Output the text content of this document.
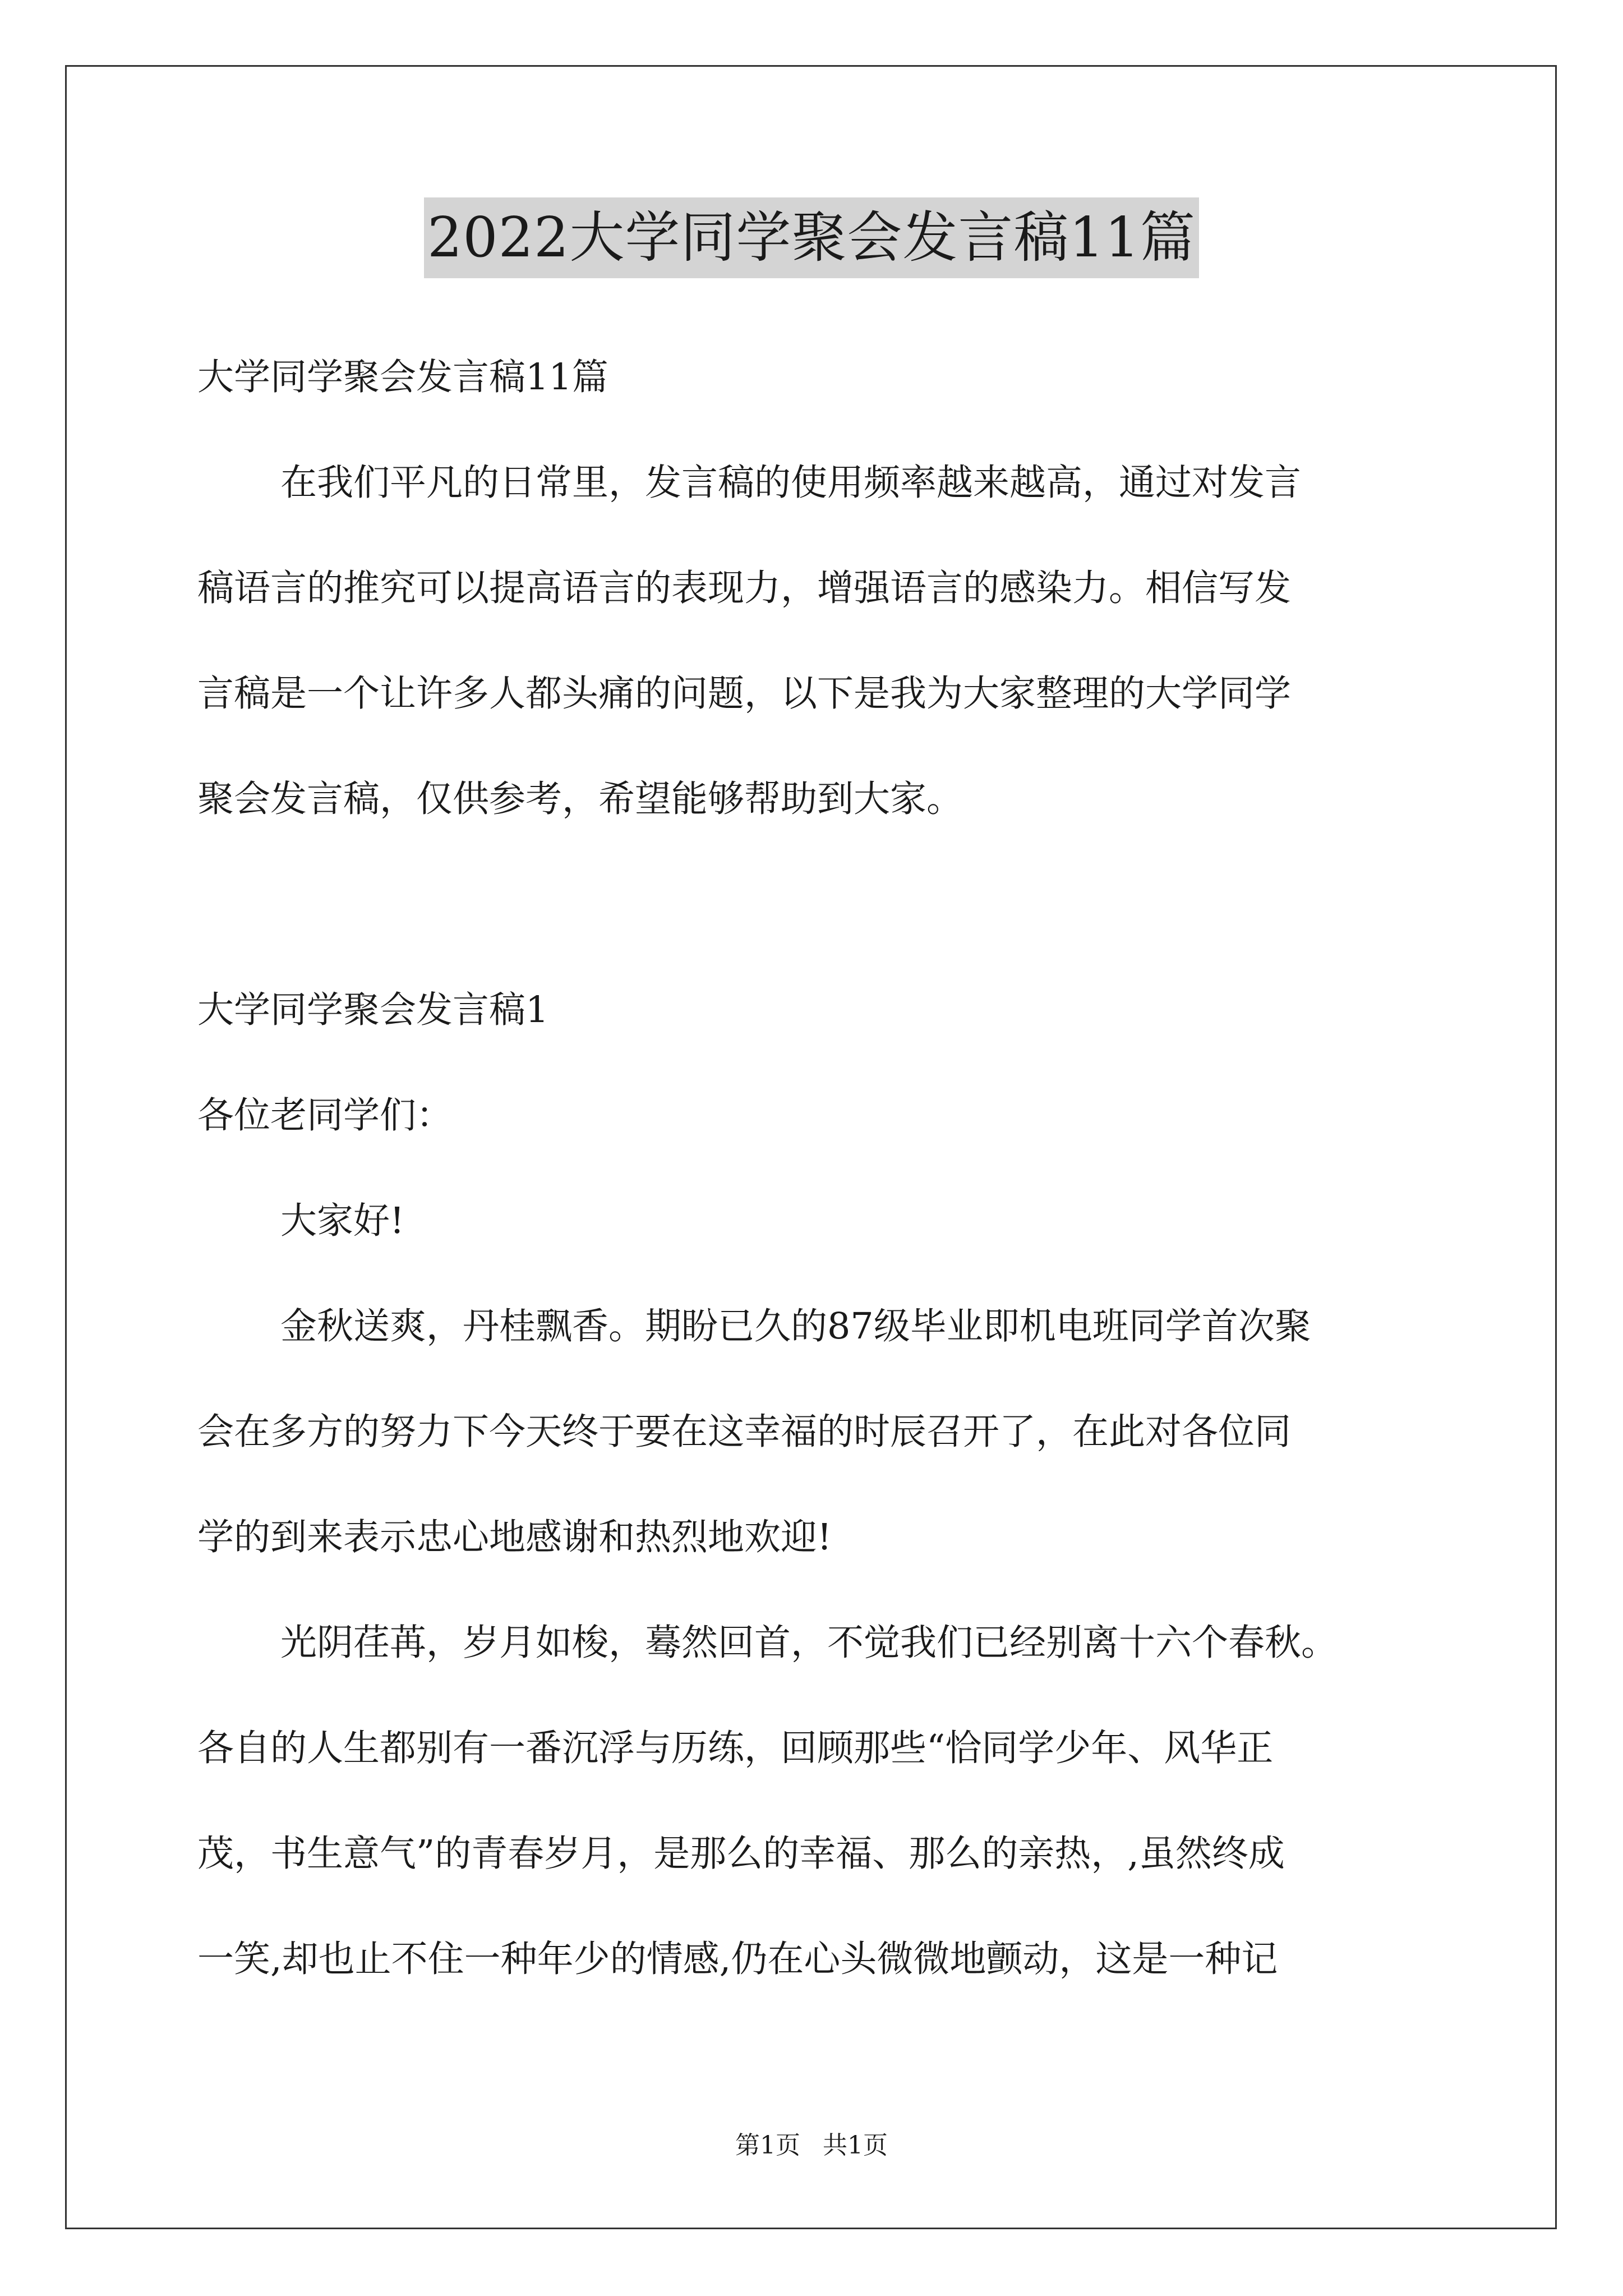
2022大学同学聚会发言稿11篇
大学同学聚会发言稿11篇
在我们平凡的日常里，发言稿的使用频率越来越高，通过对发言
稿语言的推究可以提高语言的表现力，增强语言的感染力。相信写发
言稿是一个让许多人都头痛的问题，以下是我为大家整理的大学同学
聚会发言稿，仅供参考，希望能够帮助到大家。
大学同学聚会发言稿1
各位老同学们：
大家好!
金秋送爽，丹桂飘香。期盼已久的87级毕业即机电班同学首次聚
会在多方的努力下今天终于要在这幸福的时辰召开了，在此对各位同
学的到来表示忠心地感谢和热烈地欢迎!
光阴荏苒，岁月如梭，蓦然回首，不觉我们已经别离十六个春秋。
各自的人生都别有一番沉浮与历练，回顾那些“恰同学少年、风华正
茂，书生意气”的青春岁月，是那么的幸福、那么的亲热，,虽然终成
一笑,却也止不住一种年少的情感,仍在心头微微地颤动，这是一种记
第1页 共1页
